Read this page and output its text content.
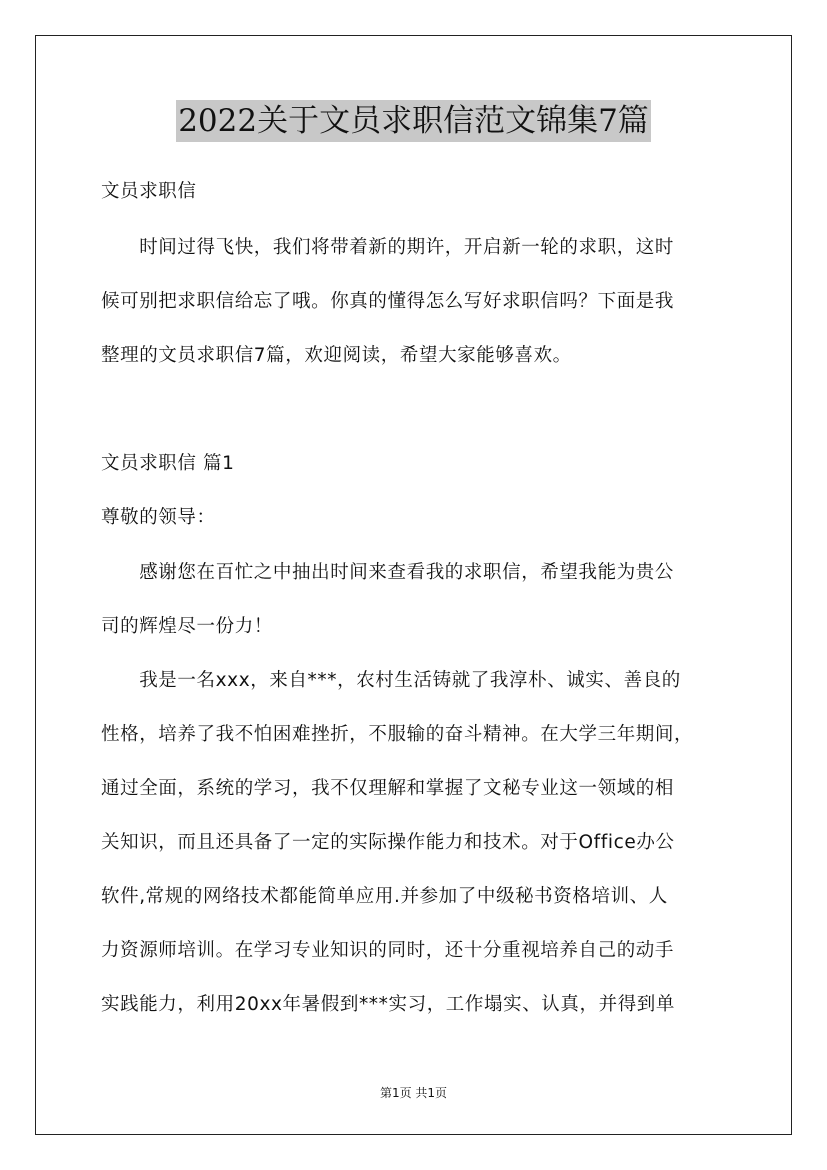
2022关于文员求职信范文锦集7篇
文员求职信
　　时间过得飞快，我们将带着新的期许，开启新一轮的求职，这时
候可别把求职信给忘了哦。你真的懂得怎么写好求职信吗？下面是我
整理的文员求职信7篇，欢迎阅读，希望大家能够喜欢。
文员求职信 篇1
尊敬的领导：
　　感谢您在百忙之中抽出时间来查看我的求职信，希望我能为贵公
司的辉煌尽一份力！
　　我是一名xxx，来自***，农村生活铸就了我淳朴、诚实、善良的
性格，培养了我不怕困难挫折，不服输的奋斗精神。在大学三年期间，
通过全面，系统的学习，我不仅理解和掌握了文秘专业这一领域的相
关知识，而且还具备了一定的实际操作能力和技术。对于Office办公
软件,常规的网络技术都能简单应用.并参加了中级秘书资格培训、人
力资源师培训。在学习专业知识的同时，还十分重视培养自己的动手
实践能力，利用20xx年暑假到***实习，工作塌实、认真，并得到单
第1页 共1页
